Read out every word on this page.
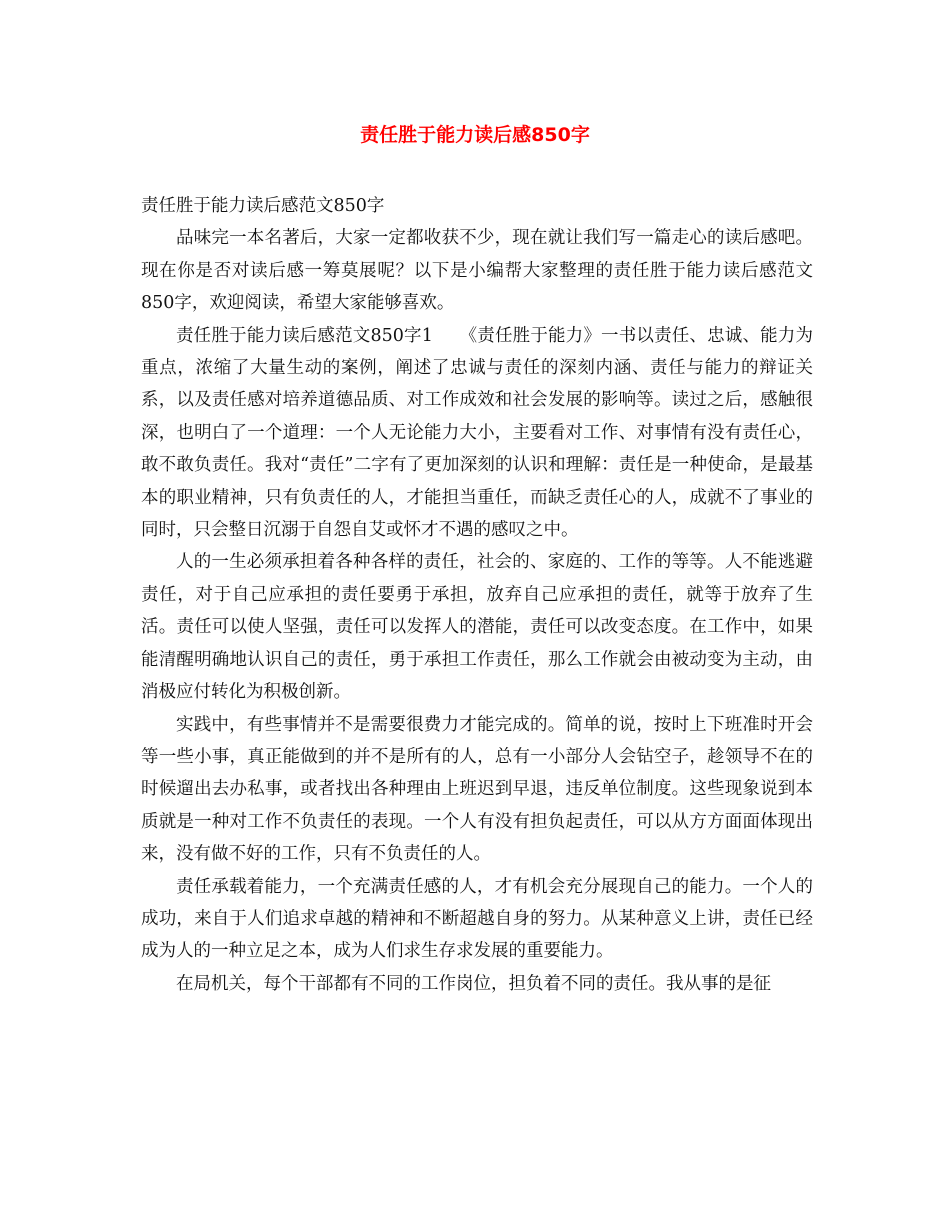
责任胜于能力读后感850字

责任胜于能力读后感范文850字

品味完一本名著后，大家一定都收获不少，现在就让我们写一篇走心的读后感吧。现在你是否对读后感一筹莫展呢？以下是小编帮大家整理的责任胜于能力读后感范文850字，欢迎阅读，希望大家能够喜欢。

责任胜于能力读后感范文850字1　　《责任胜于能力》一书以责任、忠诚、能力为重点，浓缩了大量生动的案例，阐述了忠诚与责任的深刻内涵、责任与能力的辩证关系，以及责任感对培养道德品质、对工作成效和社会发展的影响等。读过之后，感触很深，也明白了一个道理：一个人无论能力大小，主要看对工作、对事情有没有责任心，敢不敢负责任。我对“责任”二字有了更加深刻的认识和理解：责任是一种使命，是最基本的职业精神，只有负责任的人，才能担当重任，而缺乏责任心的人，成就不了事业的同时，只会整日沉溺于自怨自艾或怀才不遇的感叹之中。

人的一生必须承担着各种各样的责任，社会的、家庭的、工作的等等。人不能逃避责任，对于自己应承担的责任要勇于承担，放弃自己应承担的责任，就等于放弃了生活。责任可以使人坚强，责任可以发挥人的潜能，责任可以改变态度。在工作中，如果能清醒明确地认识自己的责任，勇于承担工作责任，那么工作就会由被动变为主动，由消极应付转化为积极创新。

实践中，有些事情并不是需要很费力才能完成的。简单的说，按时上下班准时开会等一些小事，真正能做到的并不是所有的人，总有一小部分人会钻空子，趁领导不在的时候遛出去办私事，或者找出各种理由上班迟到早退，违反单位制度。这些现象说到本质就是一种对工作不负责任的表现。一个人有没有担负起责任，可以从方方面面体现出来，没有做不好的工作，只有不负责任的人。

责任承载着能力，一个充满责任感的人，才有机会充分展现自己的能力。一个人的成功，来自于人们追求卓越的精神和不断超越自身的努力。从某种意义上讲，责任已经成为人的一种立足之本，成为人们求生存求发展的重要能力。

在局机关，每个干部都有不同的工作岗位，担负着不同的责任。我从事的是征
